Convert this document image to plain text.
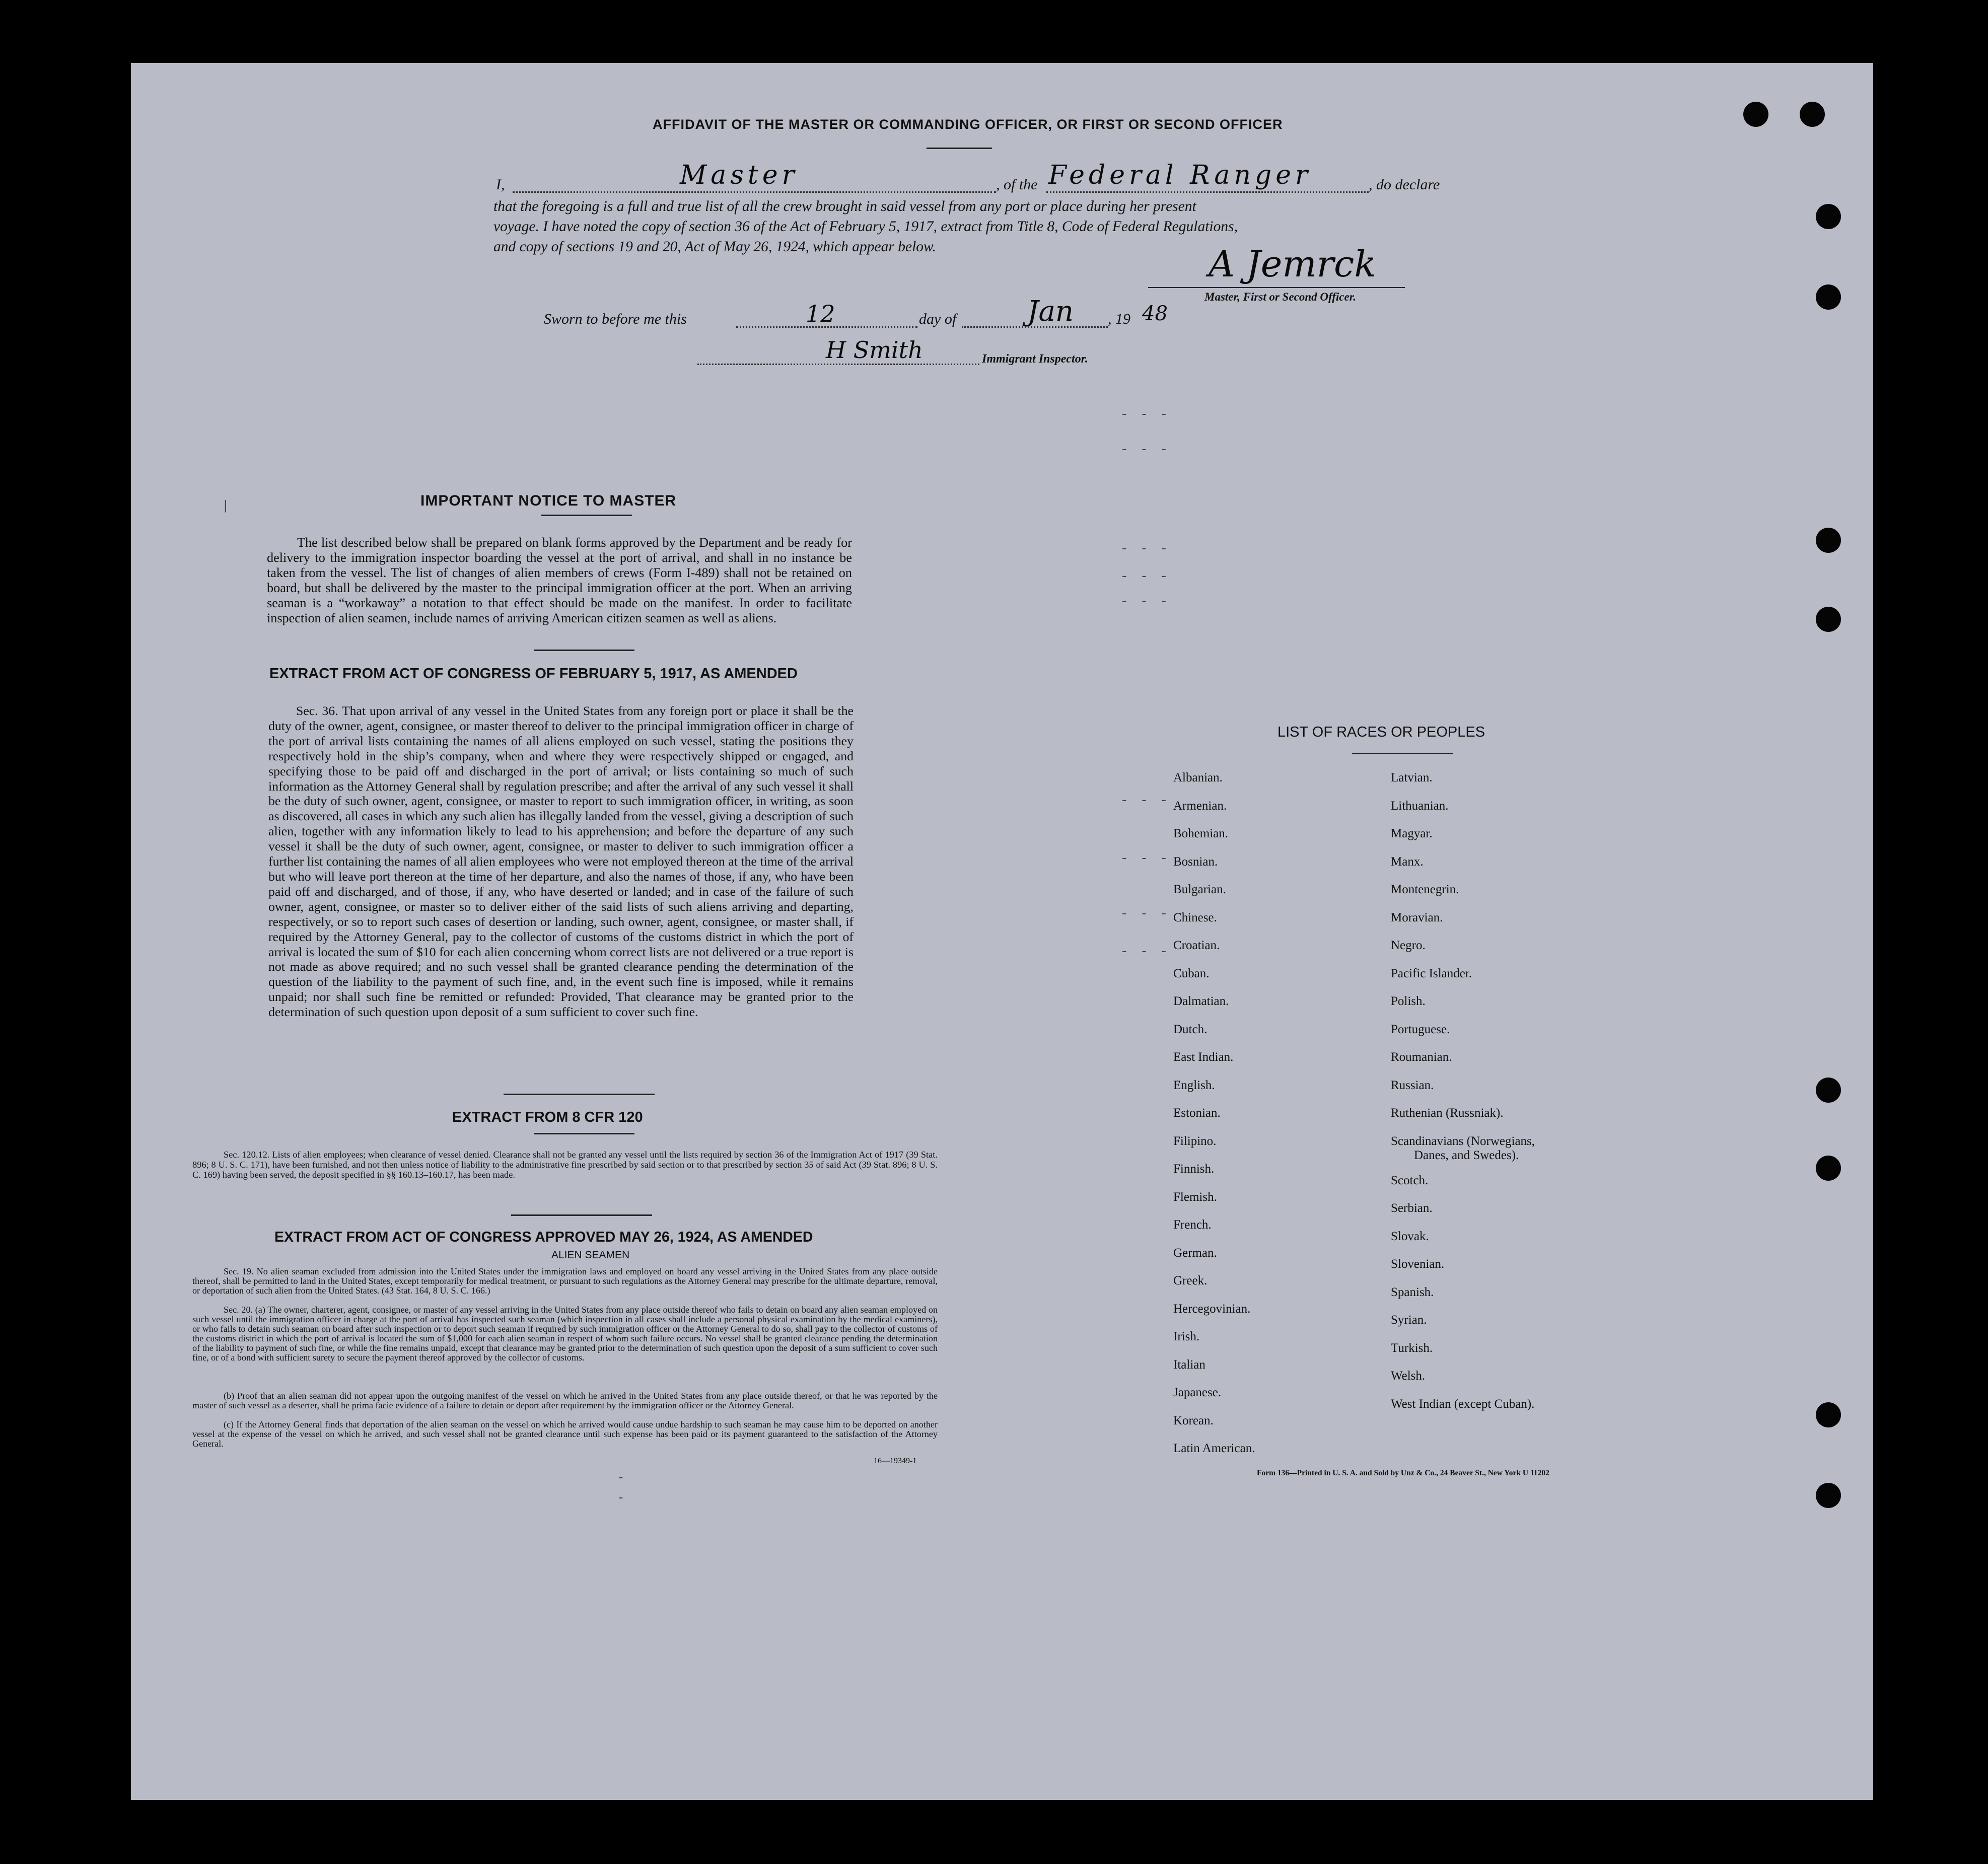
AFFIDAVIT OF THE MASTER OR COMMANDING OFFICER, OR FIRST OR SECOND OFFICER
I,	Master	, of the Federal Ranger	, do declare
that the foregoing is a full and true list of all the crew brought in said vessel from any port or place during her present
voyage. I have noted the copy of section 36 of the Act of February 5, 1917, extract from Title 8, Code of Federal Regulations,
and copy of sections 19 and 20, Act of May 26, 1924, which appear below.	A Jemrck
Master, First or Second Officer.
Sworn to before me this	12	day of	Jan , 19 48
H Smith	Immigrant Inspector.
IMPORTANT NOTICE TO MASTER
The list described below shall be prepared on blank forms approved by the Department and be ready for delivery to the immigration inspector boarding the vessel at the port of arrival, and shall in no instance be taken from the vessel. The list of changes of alien members of crews (Form I-489) shall not be retained on board, but shall be delivered by the master to the principal immigration officer at the port. When an arriving seaman is a “workaway” a notation to that effect should be made on the manifest. In order to facilitate inspection of alien seamen, include names of arriving American citizen seamen as well as aliens.
EXTRACT FROM ACT OF CONGRESS OF FEBRUARY 5, 1917, AS AMENDED
Sec. 36. That upon arrival of any vessel in the United States from any foreign port or place it shall be the duty of the owner, agent, consignee, or master thereof to deliver to the principal immigration officer in charge of the port of arrival lists containing the names of all aliens employed on such vessel, stating the positions they respectively hold in the ship’s company, when and where they were respectively shipped or engaged, and specifying those to be paid off and discharged in the port of arrival; or lists containing so much of such information as the Attorney General shall by regulation prescribe; and after the arrival of any such vessel it shall be the duty of such owner, agent, consignee, or master to report to such immigration officer, in writing, as soon as discovered, all cases in which any such alien has illegally landed from the vessel, giving a description of such alien, together with any information likely to lead to his apprehension; and before the departure of any such vessel it shall be the duty of such owner, agent, consignee, or master to deliver to such immigration officer a further list containing the names of all alien employees who were not employed thereon at the time of the arrival but who will leave port thereon at the time of her departure, and also the names of those, if any, who have been paid off and discharged, and of those, if any, who have deserted or landed; and in case of the failure of such owner, agent, consignee, or master so to deliver either of the said lists of such aliens arriving and departing, respectively, or so to report such cases of desertion or landing, such owner, agent, consignee, or master shall, if required by the Attorney General, pay to the collector of customs of the customs district in which the port of arrival is located the sum of $10 for each alien concerning whom correct lists are not delivered or a true report is not made as above required; and no such vessel shall be granted clearance pending the determination of the question of the liability to the payment of such fine, and, in the event such fine is imposed, while it remains unpaid; nor shall such fine be remitted or refunded: Provided, That clearance may be granted prior to the determination of such question upon deposit of a sum sufficient to cover such fine.
EXTRACT FROM 8 CFR 120
Sec. 120.12. Lists of alien employees; when clearance of vessel denied. Clearance shall not be granted any vessel until the lists required by section 36 of the Immigration Act of 1917 (39 Stat. 896; 8 U. S. C. 171), have been furnished, and not then unless notice of liability to the administrative fine prescribed by said section or to that prescribed by section 35 of said Act (39 Stat. 896; 8 U. S. C. 169) having been served, the deposit specified in §§ 160.13–160.17, has been made.
EXTRACT FROM ACT OF CONGRESS APPROVED MAY 26, 1924, AS AMENDED
ALIEN SEAMEN
Sec. 19. No alien seaman excluded from admission into the United States under the immigration laws and employed on board any vessel arriving in the United States from any place outside thereof, shall be permitted to land in the United States, except temporarily for medical treatment, or pursuant to such regulations as the Attorney General may prescribe for the ultimate departure, removal, or deportation of such alien from the United States. (43 Stat. 164, 8 U. S. C. 166.)
Sec. 20. (a) The owner, charterer, agent, consignee, or master of any vessel arriving in the United States from any place outside thereof who fails to detain on board any alien seaman employed on such vessel until the immigration officer in charge at the port of arrival has inspected such seaman (which inspection in all cases shall include a personal physical examination by the medical examiners), or who fails to detain such seaman on board after such inspection or to deport such seaman if required by such immigration officer or the Attorney General to do so, shall pay to the collector of customs of the customs district in which the port of arrival is located the sum of $1,000 for each alien seaman in respect of whom such failure occurs. No vessel shall be granted clearance pending the determination of the liability to payment of such fine, or while the fine remains unpaid, except that clearance may be granted prior to the determination of such question upon the deposit of a sum sufficient to cover such fine, or of a bond with sufficient surety to secure the payment thereof approved by the collector of customs.
(b) Proof that an alien seaman did not appear upon the outgoing manifest of the vessel on which he arrived in the United States from any place outside thereof, or that he was reported by the master of such vessel as a deserter, shall be prima facie evidence of a failure to detain or deport after requirement by the immigration officer or the Attorney General.
(c) If the Attorney General finds that deportation of the alien seaman on the vessel on which he arrived would cause undue hardship to such seaman he may cause him to be deported on another vessel at the expense of the vessel on which he arrived, and such vessel shall not be granted clearance until such expense has been paid or its payment guaranteed to the satisfaction of the Attorney General.
16—19349-1
LIST OF RACES OR PEOPLES
Albanian.
Armenian.
Bohemian.
Bosnian.
Bulgarian.
Chinese.
Croatian.
Cuban.
Dalmatian.
Dutch.
East Indian.
English.
Estonian.
Filipino.
Finnish.
Flemish.
French.
German.
Greek.
Hercegovinian.
Irish.
Italian
Japanese.
Korean.
Latin American.
Latvian.
Lithuanian.
Magyar.
Manx.
Montenegrin.
Moravian.
Negro.
Pacific Islander.
Polish.
Portuguese.
Roumanian.
Russian.
Ruthenian (Russniak).
Scandinavians (Norwegians,
Danes, and Swedes).
Scotch.
Serbian.
Slovak.
Slovenian.
Spanish.
Syrian.
Turkish.
Welsh.
West Indian (except Cuban).
Form 136—Printed in U. S. A. and Sold by Unz & Co., 24 Beaver St., New York U 11202
- - -
- - -
- - -
- - -
- - -
- - -
- - -
- - -
- - -
-
-
|
